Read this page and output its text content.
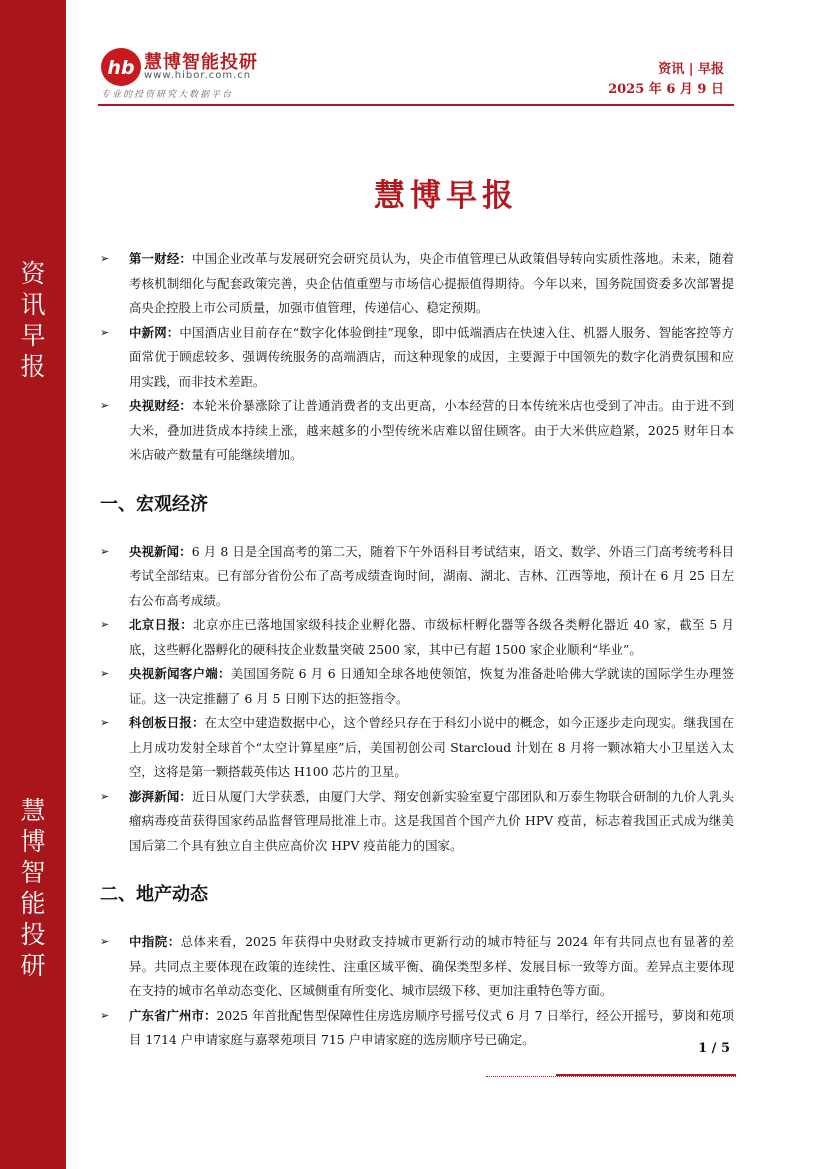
资
讯
早
报
慧
博
智
能
投
研
hb 慧博智能投研
www.hibor.com.cn
专业的投资研究大数据平台
资讯 | 早报
2025 年 6 月 9 日
慧博早报
➢ 第一财经：中国企业改革与发展研究会研究员认为，央企市值管理已从政策倡导转向实质性落地。未来，随着考核机制细化与配套政策完善，央企估值重塑与市场信心提振值得期待。今年以来，国务院国资委多次部署提高央企控股上市公司质量，加强市值管理，传递信心、稳定预期。
➢ 中新网：中国酒店业目前存在“数字化体验倒挂”现象，即中低端酒店在快速入住、机器人服务、智能客控等方面常优于顾虑较多、强调传统服务的高端酒店，而这种现象的成因，主要源于中国领先的数字化消费氛围和应用实践，而非技术差距。
➢ 央视财经：本轮米价暴涨除了让普通消费者的支出更高，小本经营的日本传统米店也受到了冲击。由于进不到大米，叠加进货成本持续上涨，越来越多的小型传统米店难以留住顾客。由于大米供应趋紧，2025 财年日本米店破产数量有可能继续增加。
一、宏观经济
➢ 央视新闻：6 月 8 日是全国高考的第二天，随着下午外语科目考试结束，语文、数学、外语三门高考统考科目考试全部结束。已有部分省份公布了高考成绩查询时间，湖南、湖北、吉林、江西等地，预计在 6 月 25 日左右公布高考成绩。
➢ 北京日报：北京亦庄已落地国家级科技企业孵化器、市级标杆孵化器等各级各类孵化器近 40 家，截至 5 月底，这些孵化器孵化的硬科技企业数量突破 2500 家，其中已有超 1500 家企业顺利“毕业”。
➢ 央视新闻客户端：美国国务院 6 月 6 日通知全球各地使领馆，恢复为准备赴哈佛大学就读的国际学生办理签证。这一决定推翻了 6 月 5 日刚下达的拒签指令。
➢ 科创板日报：在太空中建造数据中心，这个曾经只存在于科幻小说中的概念，如今正逐步走向现实。继我国在上月成功发射全球首个“太空计算星座”后，美国初创公司 Starcloud 计划在 8 月将一颗冰箱大小卫星送入太空，这将是第一颗搭载英伟达 H100 芯片的卫星。
➢ 澎湃新闻：近日从厦门大学获悉，由厦门大学、翔安创新实验室夏宁邵团队和万泰生物联合研制的九价人乳头瘤病毒疫苗获得国家药品监督管理局批准上市。这是我国首个国产九价 HPV 疫苗，标志着我国正式成为继美国后第二个具有独立自主供应高价次 HPV 疫苗能力的国家。
二、地产动态
➢ 中指院：总体来看，2025 年获得中央财政支持城市更新行动的城市特征与 2024 年有共同点也有显著的差异。共同点主要体现在政策的连续性、注重区域平衡、确保类型多样、发展目标一致等方面。差异点主要体现在支持的城市名单动态变化、区域侧重有所变化、城市层级下移、更加注重特色等方面。
➢ 广东省广州市：2025 年首批配售型保障性住房选房顺序号摇号仪式 6 月 7 日举行，经公开摇号，萝岗和苑项目 1714 户申请家庭与嘉翠苑项目 715 户申请家庭的选房顺序号已确定。
1 / 5
